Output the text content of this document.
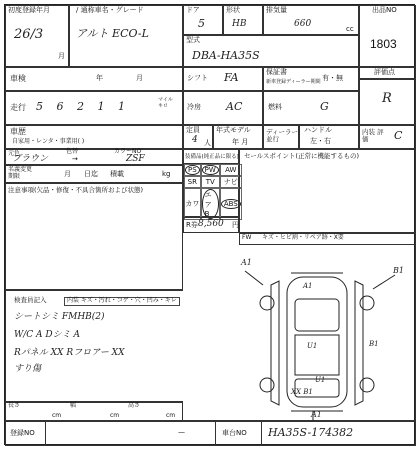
初度登録年月
26/3
月
/ 通称車名・グレード
アルト ECO-L
ドア
5
形状
HB
排気量
660	cc
型式
DBA-HA35S
出品NO
1803
車検	年	月	シフト FA	保証書
新車登録ディーラー期間 有・無
評価点
R
走行 5 6 2 1 1	マイル キロ	冷房 AC	燃料	G
車歴
自家用・レンタ・事業用( )
定員
4 人
年式モデル
年 月
ディーラー 並行
ハンドル
左・右
内装 評価	C
元色	色替	カラーNO
ブラウン	→	ZSF
名義変更 期限	月 日迄 積載	kg
注意事項(欠品・修復・不具合箇所および状態)
装備品(純正品に限る)
PS	PW	AW
SR TV ナビ
カワ
エアB
ABS
R券 8,560 円
セールスポイント(正常に機能するもの)
FW キズ・ヒビ割・リペア跡・X要
検査員記入	内装 キズ・汚れ・コゲ・穴・凹み・キレ
シートシミ FMHB(2)
W/C A Dシミ A
Rパネル XX Rフロアー XX
すり傷
A1
B1
A1
U1	B1
U1
XX B1
A1
長さ
cm
幅
cm
高さ
cm
登録NO	—	車台NO HA35S-174382
